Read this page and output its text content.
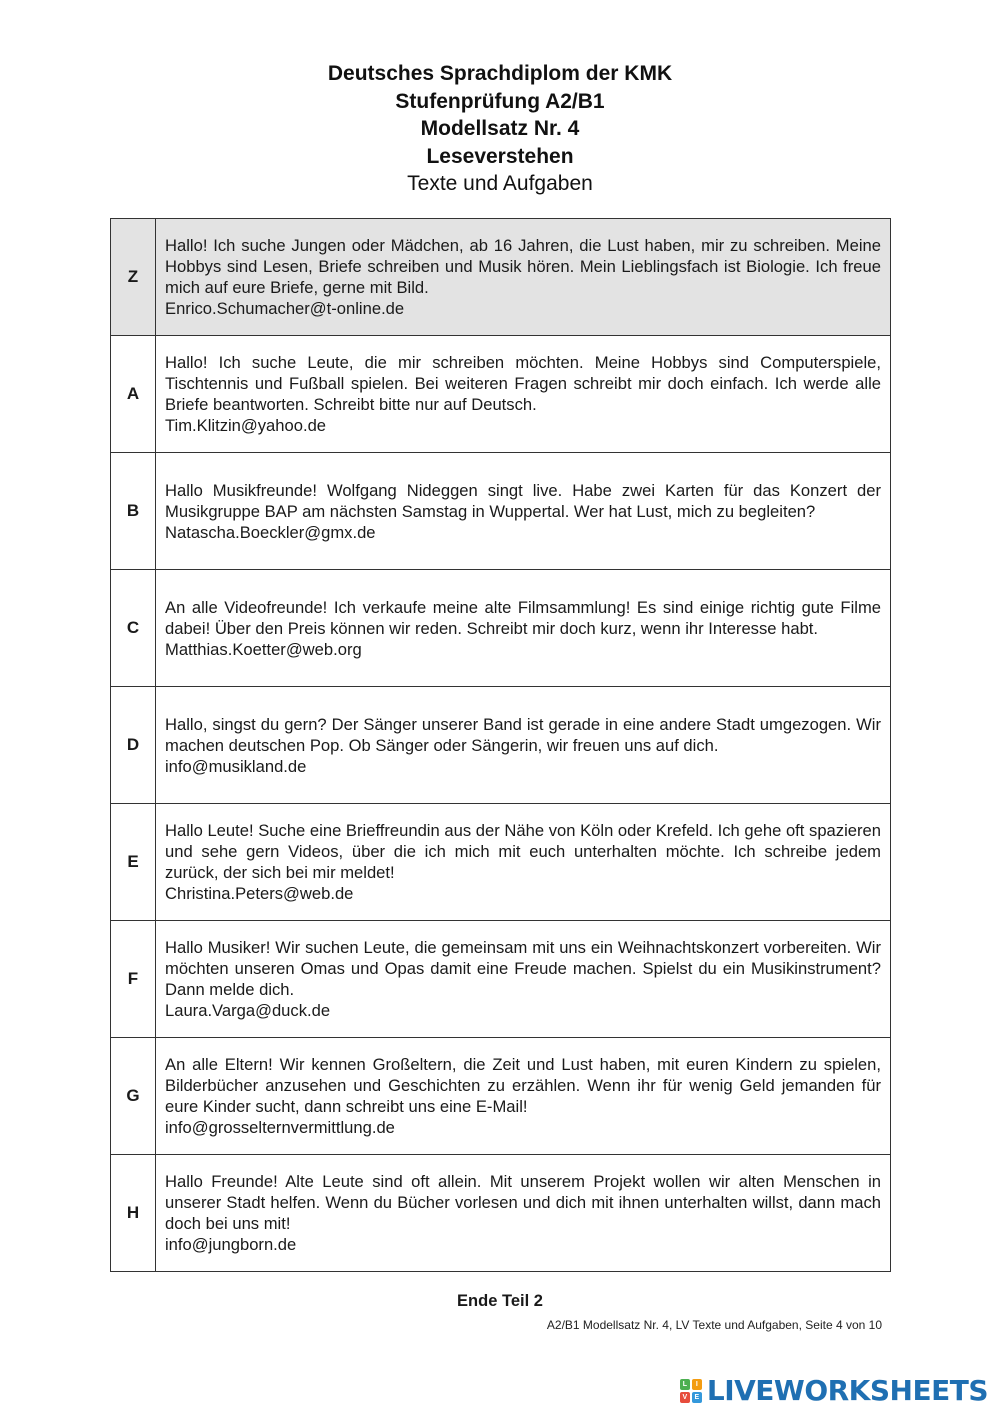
Deutsches Sprachdiplom der KMK
Stufenprüfung A2/B1
Modellsatz Nr. 4
Leseverstehen
Texte und Aufgaben
Z	Hallo! Ich suche Jungen oder Mädchen, ab 16 Jahren, die Lust haben, mir zu schreiben. Meine Hobbys sind Lesen, Briefe schreiben und Musik hören. Mein Lieblingsfach ist Biologie. Ich freue mich auf eure Briefe, gerne mit Bild.

Enrico.Schumacher@t-online.de

A	Hallo! Ich suche Leute, die mir schreiben möchten. Meine Hobbys sind Computerspiele, Tischtennis und Fußball spielen. Bei weiteren Fragen schreibt mir doch einfach. Ich werde alle Briefe beantworten. Schreibt bitte nur auf Deutsch.

Tim.Klitzin@yahoo.de

B	Hallo Musikfreunde! Wolfgang Nideggen singt live. Habe zwei Karten für das Konzert der Musikgruppe BAP am nächsten Samstag in Wuppertal. Wer hat Lust, mich zu begleiten?

Natascha.Boeckler@gmx.de

C	An alle Videofreunde! Ich verkaufe meine alte Filmsammlung! Es sind einige richtig gute Filme dabei! Über den Preis können wir reden. Schreibt mir doch kurz, wenn ihr Interesse habt.

Matthias.Koetter@web.org

D	Hallo, singst du gern? Der Sänger unserer Band ist gerade in eine andere Stadt umgezogen. Wir machen deutschen Pop. Ob Sänger oder Sängerin, wir freuen uns auf dich.

info@musikland.de

E	Hallo Leute! Suche eine Brieffreundin aus der Nähe von Köln oder Krefeld. Ich gehe oft spazieren und sehe gern Videos, über die ich mich mit euch unterhalten möchte. Ich schreibe jedem zurück, der sich bei mir meldet!

Christina.Peters@web.de

F	Hallo Musiker! Wir suchen Leute, die gemeinsam mit uns ein Weihnachtskonzert vorbereiten. Wir möchten unseren Omas und Opas damit eine Freude machen. Spielst du ein Musikinstrument? Dann melde dich.

Laura.Varga@duck.de

G	An alle Eltern! Wir kennen Großeltern, die Zeit und Lust haben, mit euren Kindern zu spielen, Bilderbücher anzusehen und Geschichten zu erzählen. Wenn ihr für wenig Geld jemanden für eure Kinder sucht, dann schreibt uns eine E-Mail!

info@grosselternvermittlung.de

H	Hallo Freunde! Alte Leute sind oft allein. Mit unserem Projekt wollen wir alten Menschen in unserer Stadt helfen. Wenn du Bücher vorlesen und dich mit ihnen unterhalten willst, dann mach doch bei uns mit!

info@jungborn.de
Ende Teil 2
A2/B1 Modellsatz Nr. 4, LV Texte und Aufgaben, Seite 4 von 10
L	I
V	E LIVEWORKSHEETS
